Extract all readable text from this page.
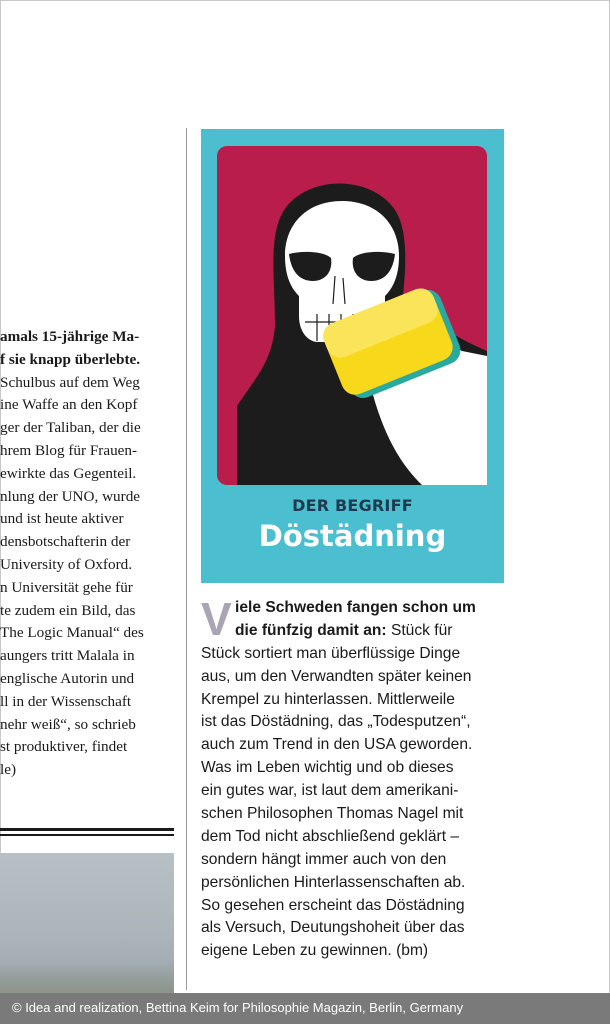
amals 15-jährige Ma-
f sie knapp überlebte.
Schulbus auf dem Weg
ine Waffe an den Kopf
ger der Taliban, der die
hrem Blog für Frauen-
ewirkte das Gegenteil.
nlung der UNO, wurde
und ist heute aktiver
densbotschafterin der
University of Oxford.
n Universität gehe für
te zudem ein Bild, das
The Logic Manual“ des
aungers tritt Malala in
englische Autorin und
ll in der Wissenschaft
nehr weiß“, so schrieb
st produktiver, findet
le)
DER BEGRIFF
Döstädning
V iele Schweden fangen schon um
die fünfzig damit an: Stück für
Stück sortiert man überflüssige Dinge
aus, um den Verwandten später keinen
Krempel zu hinterlassen. Mittlerweile
ist das Döstädning, das „Todesputzen“,
auch zum Trend in den USA geworden.
Was im Leben wichtig und ob dieses
ein gutes war, ist laut dem amerikani-
schen Philosophen Thomas Nagel mit
dem Tod nicht abschließend geklärt –
sondern hängt immer auch von den
persönlichen Hinterlassenschaften ab.
So gesehen erscheint das Döstädning
als Versuch, Deutungshoheit über das
eigene Leben zu gewinnen. (bm)
© Idea and realization, Bettina Keim for Philosophie Magazin, Berlin, Germany
